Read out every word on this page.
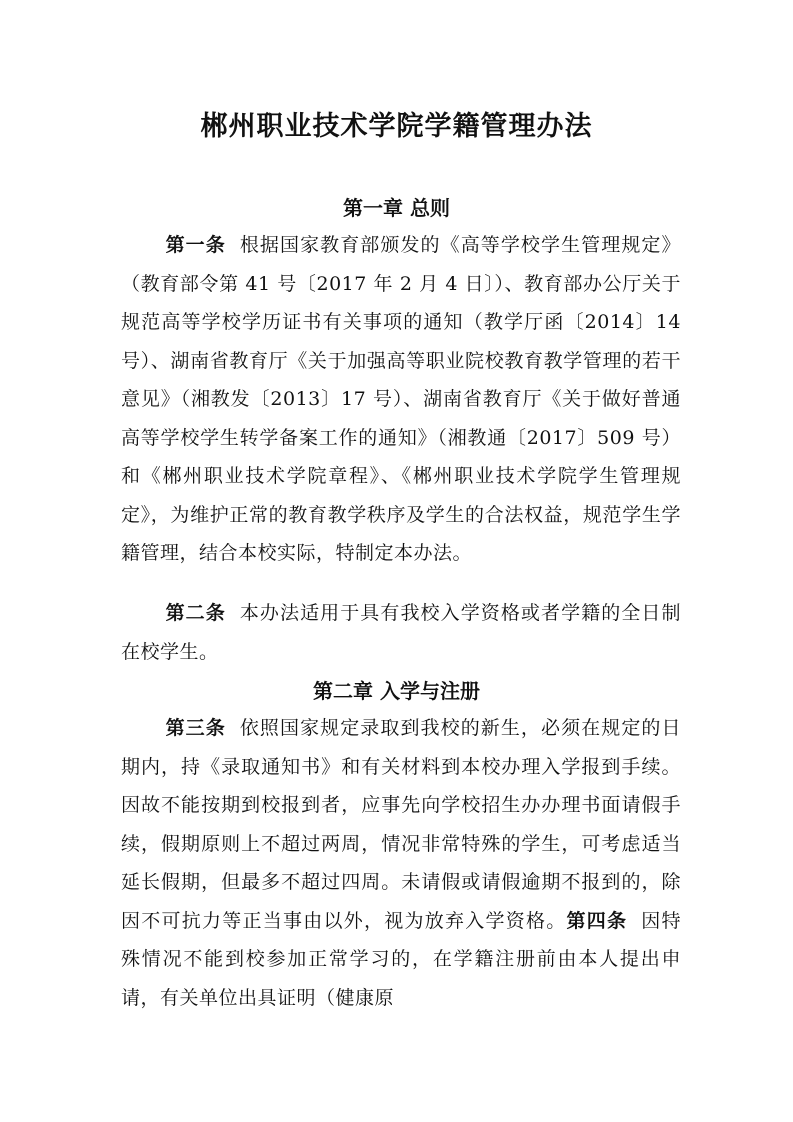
郴州职业技术学院学籍管理办法
第一章 总则

第一条 根据国家教育部颁发的《高等学校学生管理规定》（教育部令第 41 号〔2017 年 2 月 4 日〕）、教育部办公厅关于规范高等学校学历证书有关事项的通知（教学厅函〔2014〕14 号）、湖南省教育厅《关于加强高等职业院校教育教学管理的若干意见》（湘教发〔2013〕17 号）、湖南省教育厅《关于做好普通高等学校学生转学备案工作的通知》（湘教通〔2017〕509 号）和《郴州职业技术学院章程》、《郴州职业技术学院学生管理规定》，为维护正常的教育教学秩序及学生的合法权益，规范学生学籍管理，结合本校实际，特制定本办法。

第二条 本办法适用于具有我校入学资格或者学籍的全日制在校学生。

第二章 入学与注册

第三条 依照国家规定录取到我校的新生，必须在规定的日期内，持《录取通知书》和有关材料到本校办理入学报到手续。因故不能按期到校报到者，应事先向学校招生办办理书面请假手续，假期原则上不超过两周，情况非常特殊的学生，可考虑适当延长假期，但最多不超过四周。未请假或请假逾期不报到的，除因不可抗力等正当事由以外，视为放弃入学资格。第四条 因特殊情况不能到校参加正常学习的，在学籍注册前由本人提出申请，有关单位出具证明（健康原
